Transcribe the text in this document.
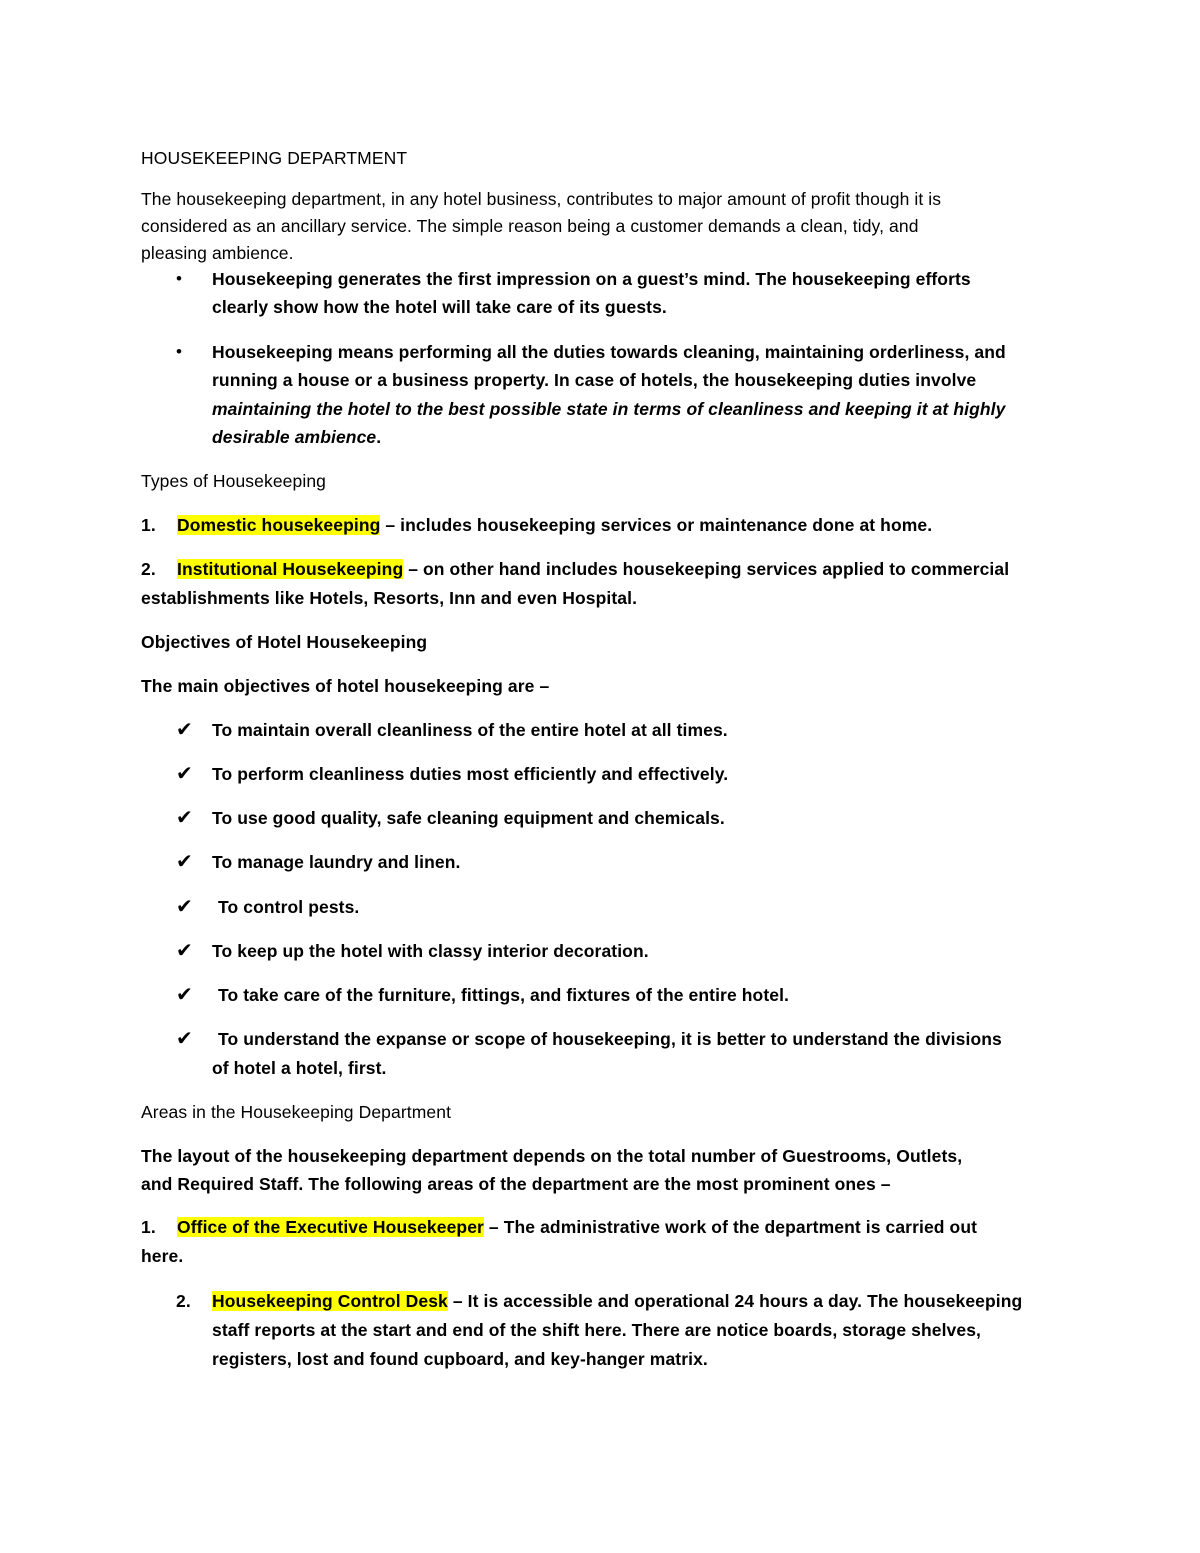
HOUSEKEEPING DEPARTMENT
The housekeeping department, in any hotel business, contributes to major amount of profit though it is
considered as an ancillary service. The simple reason being a customer demands a clean, tidy, and
pleasing ambience.
• Housekeeping generates the first impression on a guest’s mind. The housekeeping efforts
clearly show how the hotel will take care of its guests.
• Housekeeping means performing all the duties towards cleaning, maintaining orderliness, and
running a house or a business property. In case of hotels, the housekeeping duties involve
maintaining the hotel to the best possible state in terms of cleanliness and keeping it at highly
desirable ambience.
Types of Housekeeping
1. Domestic housekeeping – includes housekeeping services or maintenance done at home.
2. Institutional Housekeeping – on other hand includes housekeeping services applied to commercial
establishments like Hotels, Resorts, Inn and even Hospital.
Objectives of Hotel Housekeeping
The main objectives of hotel housekeeping are –
✔ To maintain overall cleanliness of the entire hotel at all times.
✔ To perform cleanliness duties most efficiently and effectively.
✔ To use good quality, safe cleaning equipment and chemicals.
✔ To manage laundry and linen.
✔ To control pests.
✔ To keep up the hotel with classy interior decoration.
✔ To take care of the furniture, fittings, and fixtures of the entire hotel.
✔ To understand the expanse or scope of housekeeping, it is better to understand the divisions
of hotel a hotel, first.
Areas in the Housekeeping Department
The layout of the housekeeping department depends on the total number of Guestrooms, Outlets,
and Required Staff. The following areas of the department are the most prominent ones –
1. Office of the Executive Housekeeper – The administrative work of the department is carried out
here.
2. Housekeeping Control Desk – It is accessible and operational 24 hours a day. The housekeeping
staff reports at the start and end of the shift here. There are notice boards, storage shelves,
registers, lost and found cupboard, and key-hanger matrix.
